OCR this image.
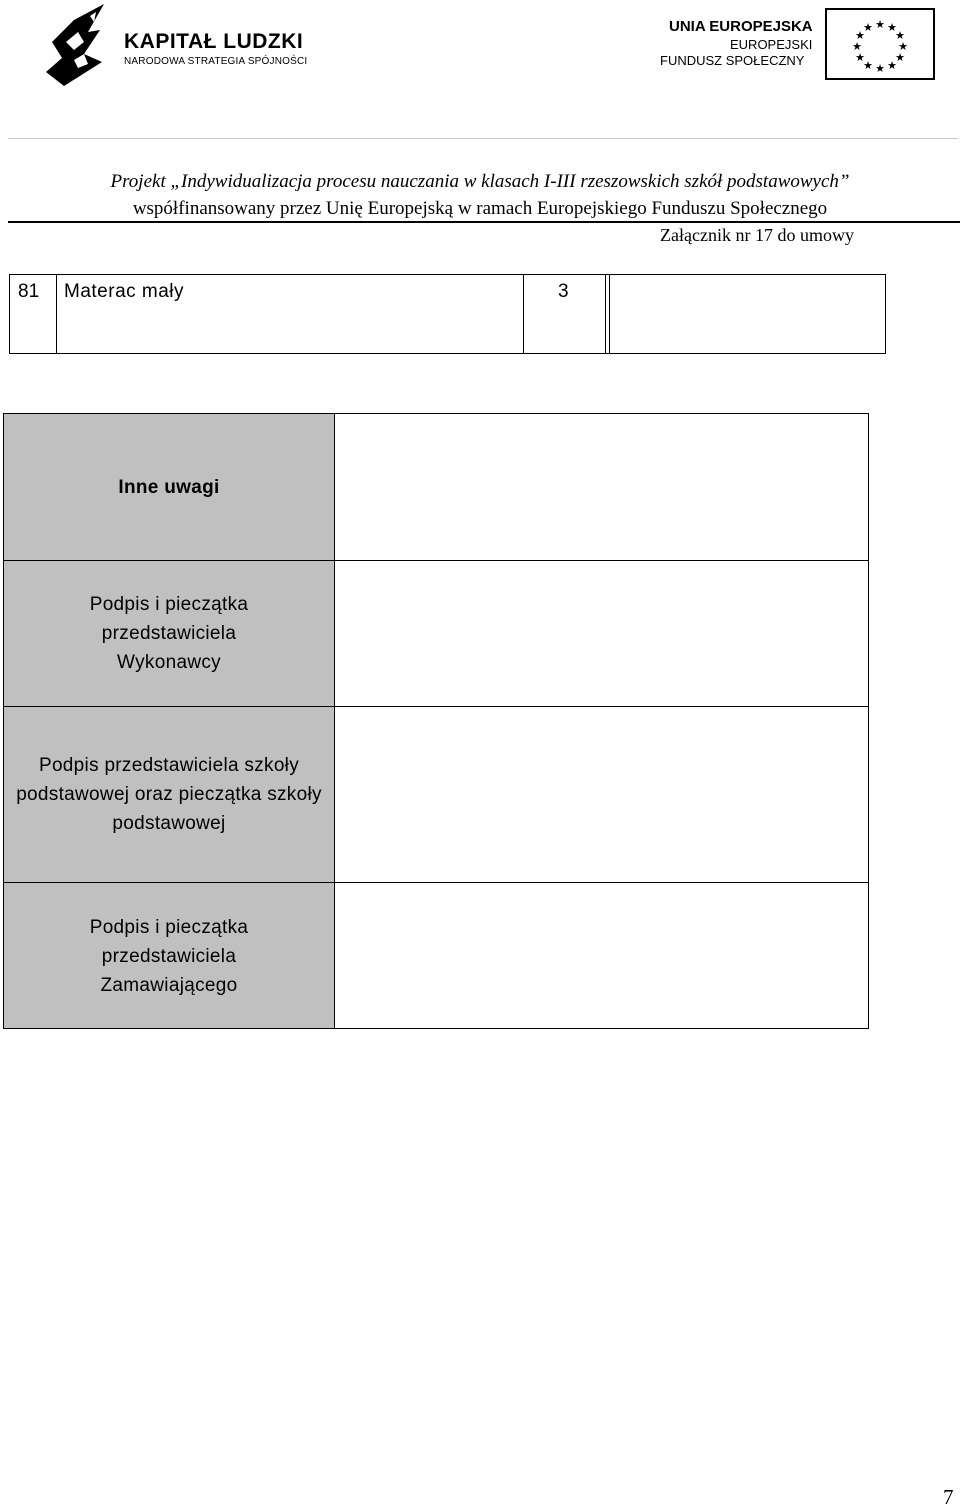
KAPITAŁ LUDZKI
NARODOWA STRATEGIA SPÓJNOŚCI
UNIA EUROPEJSKA
EUROPEJSKI
FUNDUSZ SPOŁECZNY
★ ★
★
★
★
★
★
★
★
★
★
★
Projekt „Indywidualizacja procesu nauczania w klasach I-III rzeszowskich szkół podstawowych”
współfinansowany przez Unię Europejską w ramach Europejskiego Funduszu Społecznego
Załącznik nr 17 do umowy
81	Materac mały	3
Inne uwagi	

Podpis i pieczątka przedstawiciela Wykonawcy	

Podpis przedstawiciela szkoły podstawowej oraz pieczątka szkoły podstawowej	

Podpis i pieczątka przedstawiciela Zamawiającego	

7
